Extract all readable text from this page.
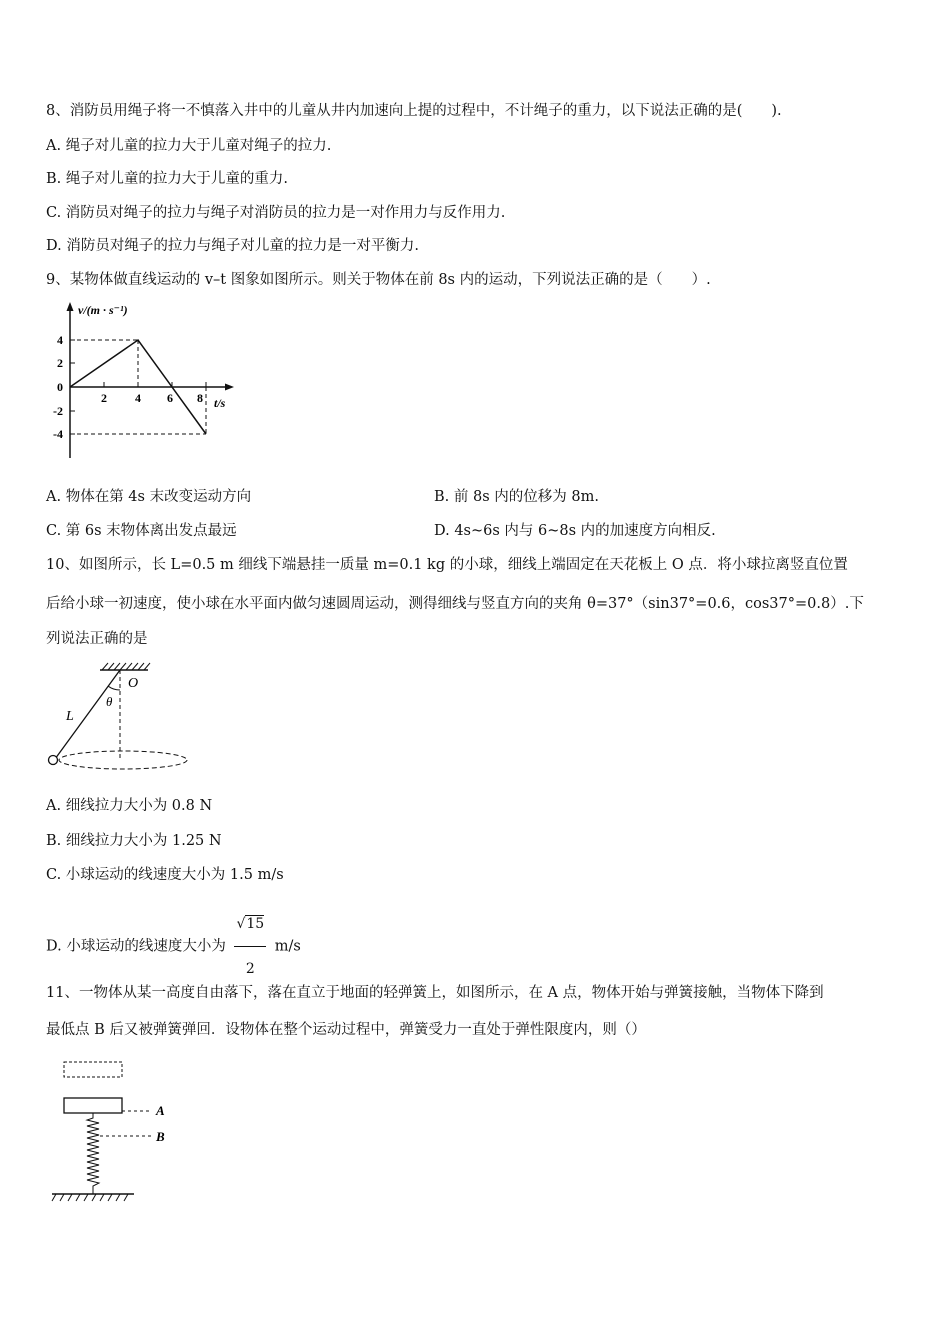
8、消防员用绳子将一不慎落入井中的儿童从井内加速向上提的过程中，不计绳子的重力，以下说法正确的是(　　).
A. 绳子对儿童的拉力大于儿童对绳子的拉力.
B. 绳子对儿童的拉力大于儿童的重力.
C. 消防员对绳子的拉力与绳子对消防员的拉力是一对作用力与反作用力.
D. 消防员对绳子的拉力与绳子对儿童的拉力是一对平衡力.
9、某物体做直线运动的 v–t 图象如图所示。则关于物体在前 8s 内的运动，下列说法正确的是（　　）.
v/(m · s⁻¹)
t/s
4
2
0
-2
-4
2 4 6 8
A. 物体在第 4s 末改变运动方向	B. 前 8s 内的位移为 8m.
C. 第 6s 末物体离出发点最远	D. 4s~6s 内与 6~8s 内的加速度方向相反.
10、如图所示，长 L=0.5 m 细线下端悬挂一质量 m=0.1 kg 的小球，细线上端固定在天花板上 O 点．将小球拉离竖直位置
后给小球一初速度，使小球在水平面内做匀速圆周运动，测得细线与竖直方向的夹角 θ=37°（sin37°=0.6，cos37°=0.8）.下
列说法正确的是
O
θ
L
A. 细线拉力大小为 0.8 N
B. 细线拉力大小为 1.25 N
C. 小球运动的线速度大小为 1.5 m/s
D. 小球运动的线速度大小为 $\frac{√15}{2} m/s$
11、一物体从某一高度自由落下，落在直立于地面的轻弹簧上，如图所示，在 A 点，物体开始与弹簧接触，当物体下降到
最低点 B 后又被弹簧弹回．设物体在整个运动过程中，弹簧受力一直处于弹性限度内，则（）
A
B
